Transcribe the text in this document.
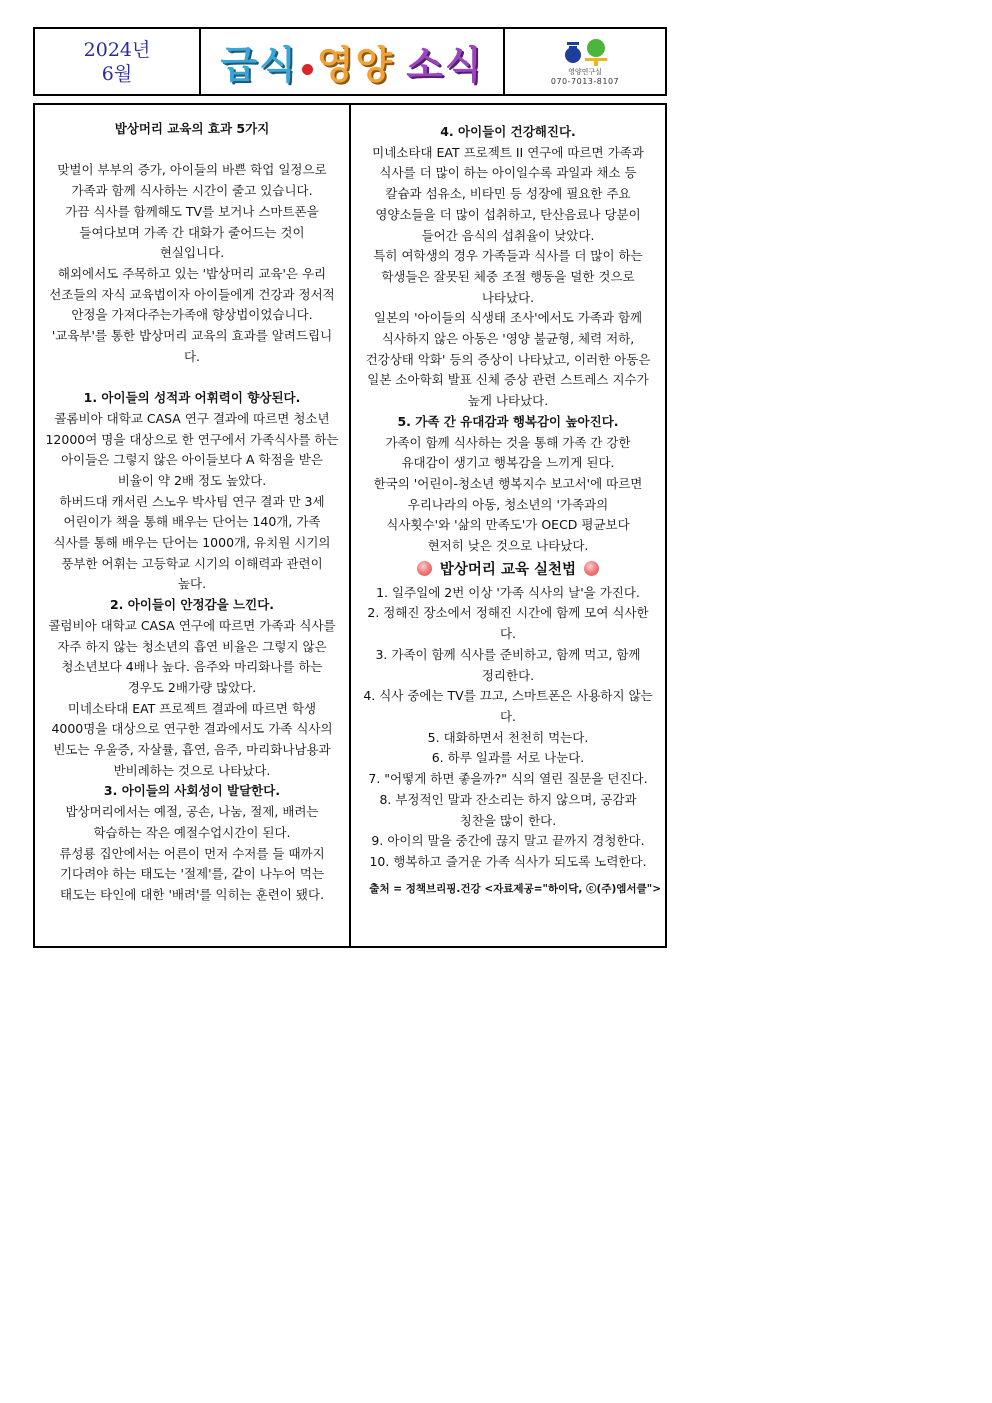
2024년
6월 급식 영양 소식	영양연구실
070-7013-8107

밥상머리 교육의 효과 5가지

맞벌이 부부의 증가, 아이들의 바쁜 학업 일정으로

가족과 함께 식사하는 시간이 줄고 있습니다.

가끔 식사를 함께해도 TV를 보거나 스마트폰을

들여다보며 가족 간 대화가 줄어드는 것이

현실입니다.

해외에서도 주목하고 있는 '밥상머리 교육'은 우리

선조들의 자식 교육법이자 아이들에게 건강과 정서적

안정을 가져다주는가족애 향상법이었습니다.

'교육부'를 통한 밥상머리 교육의 효과를 알려드립니

다.

1. 아이들의 성적과 어휘력이 향상된다.

콜롬비아 대학교 CASA 연구 결과에 따르면 청소년

12000여 명을 대상으로 한 연구에서 가족식사를 하는

아이들은 그렇지 않은 아이들보다 A 학점을 받은

비율이 약 2배 정도 높았다.

하버드대 캐서린 스노우 박사팀 연구 결과 만 3세

어린이가 책을 통해 배우는 단어는 140개, 가족

식사를 통해 배우는 단어는 1000개, 유치원 시기의

풍부한 어휘는 고등학교 시기의 이해력과 관련이

높다.

2. 아이들이 안정감을 느낀다.

콜럼비아 대학교 CASA 연구에 따르면 가족과 식사를

자주 하지 않는 청소년의 흡연 비율은 그렇지 않은

청소년보다 4배나 높다. 음주와 마리화나를 하는

경우도 2배가량 많았다.

미네소타대 EAT 프로젝트 결과에 따르면 학생

4000명을 대상으로 연구한 결과에서도 가족 식사의

빈도는 우울증, 자살률, 흡연, 음주, 마리화나남용과

반비례하는 것으로 나타났다.

3. 아이들의 사회성이 발달한다.

밥상머리에서는 예절, 공손, 나눔, 절제, 배려는

학습하는 작은 예절수업시간이 된다.

류성룡 집안에서는 어른이 먼저 수저를 들 때까지

기다려야 하는 태도는 '절제'를, 같이 나누어 먹는

태도는 타인에 대한 '배려'를 익히는 훈련이 됐다.

4. 아이들이 건강해진다.

미네소타대 EAT 프로젝트 II 연구에 따르면 가족과

식사를 더 많이 하는 아이일수록 과일과 채소 등

칼슘과 섬유소, 비타민 등 성장에 필요한 주요

영양소들을 더 많이 섭취하고, 탄산음료나 당분이

들어간 음식의 섭취율이 낮았다.

특히 여학생의 경우 가족들과 식사를 더 많이 하는

학생들은 잘못된 체중 조절 행동을 덜한 것으로

나타났다.

일본의 '아이들의 식생태 조사'에서도 가족과 함께

식사하지 않은 아동은 '영양 불균형, 체력 저하,

건강상태 악화' 등의 증상이 나타났고, 이러한 아동은

일본 소아학회 발표 신체 증상 관련 스트레스 지수가

높게 나타났다.

5. 가족 간 유대감과 행복감이 높아진다.

가족이 함께 식사하는 것을 통해 가족 간 강한

유대감이 생기고 행복감을 느끼게 된다.

한국의 '어린이-청소년 행복지수 보고서'에 따르면

우리나라의 아동, 청소년의 '가족과의

식사횟수'와 '삶의 만족도'가 OECD 평균보다

현저히 낮은 것으로 나타났다.

밥상머리 교육 실천법

1. 일주일에 2번 이상 '가족 식사의 날'을 가진다.

2. 정해진 장소에서 정해진 시간에 함께 모여 식사한

다.

3. 가족이 함께 식사를 준비하고, 함께 먹고, 함께

정리한다.

4. 식사 중에는 TV를 끄고, 스마트폰은 사용하지 않는

다.

5. 대화하면서 천천히 먹는다.

6. 하루 일과를 서로 나눈다.

7. "어떻게 하면 좋을까?" 식의 열린 질문을 던진다.

8. 부정적인 말과 잔소리는 하지 않으며, 공감과

칭찬을 많이 한다.

9. 아이의 말을 중간에 끊지 말고 끝까지 경청한다.

10. 행복하고 즐거운 가족 식사가 되도록 노력한다.

출처 = 정책브리핑.건강 <자료제공="하이닥, ⓒ(주)엠서클">
